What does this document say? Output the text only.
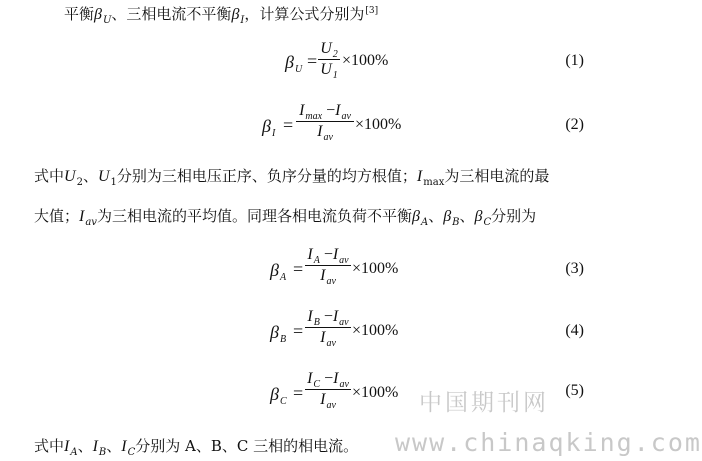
平衡$\beta_U$、三相电流不平衡$\beta_I$，计算公式分别为[3]
$\beta_U$ =
$U_2$
$U_1$
×100%	(1)
$\beta_I$ =
$I_{max} -I_{av}$
$I_{av}$
×100%	(2)
式中$U_2$、$U_1$分别为三相电压正序、负序分量的均方根值；$I_{max}$为三相电流的最
大值；$I_{av}$为三相电流的平均值。同理各相电流负荷不平衡$\beta_A$、$\beta_B$、$\beta_C$分别为
$\beta_A$ =
$I_A -I_{av}$
$I_{av}$
×100%	(3)
$\beta_B$ =
$I_B -I_{av}$
$I_{av}$
×100%	(4)
$\beta_C$ =
$I_C -I_{av}$
$I_{av}$
×100%	(5)
中国期刊网
式中$I_A$、$I_B$、$I_C$分别为 A、B、C 三相的相电流。 www.chinaqking.com
